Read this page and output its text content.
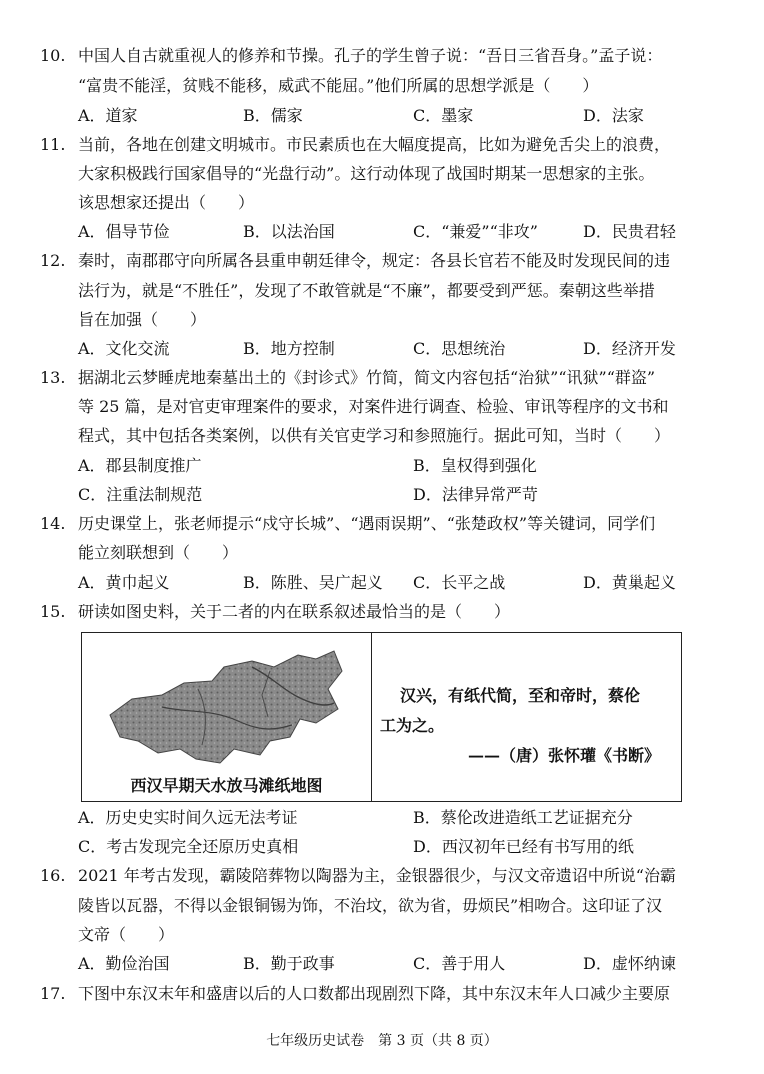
10. 中国人自古就重视人的修养和节操。孔子的学生曾子说：“吾日三省吾身。”孟子说：
“富贵不能淫，贫贱不能移，威武不能屈。”他们所属的思想学派是（　　）
A．道家	B．儒家	C．墨家	D．法家
11. 当前，各地在创建文明城市。市民素质也在大幅度提高，比如为避免舌尖上的浪费，
大家积极践行国家倡导的“光盘行动”。这行动体现了战国时期某一思想家的主张。
该思想家还提出（　　）
A．倡导节俭	B．以法治国	C．“兼爱”“非攻”	D．民贵君轻
12. 秦时，南郡郡守向所属各县重申朝廷律令，规定：各县长官若不能及时发现民间的违
法行为，就是“不胜任”，发现了不敢管就是“不廉”，都要受到严惩。秦朝这些举措
旨在加强（　　）
A．文化交流	B．地方控制	C．思想统治	D．经济开发
13. 据湖北云梦睡虎地秦墓出土的《封诊式》竹简，简文内容包括“治狱”“讯狱”“群盗”
等 25 篇，是对官吏审理案件的要求，对案件进行调查、检验、审讯等程序的文书和
程式，其中包括各类案例，以供有关官吏学习和参照施行。据此可知，当时（　　）
A．郡县制度推广	B．皇权得到强化
C．注重法制规范	D．法律异常严苛
14. 历史课堂上，张老师提示“戍守长城”、“遇雨误期”、“张楚政权”等关键词，同学们
能立刻联想到（　　）
A．黄巾起义	B．陈胜、吴广起义 C．长平之战	D．黄巢起义
15. 研读如图史料，关于二者的内在联系叙述最恰当的是（　　）
西汉早期天水放马滩纸地图
汉兴，有纸代简，至和帝时，蔡伦
工为之。
——（唐）张怀瓘《书断》
A．历史史实时间久远无法考证	B．蔡伦改进造纸工艺证据充分
C．考古发现完全还原历史真相	D．西汉初年已经有书写用的纸
16. 2021 年考古发现，霸陵陪葬物以陶器为主，金银器很少，与汉文帝遗诏中所说“治霸
陵皆以瓦器，不得以金银铜锡为饰，不治坟，欲为省，毋烦民”相吻合。这印证了汉
文帝（　　）
A．勤俭治国	B．勤于政事	C．善于用人	D．虚怀纳谏
17. 下图中东汉末年和盛唐以后的人口数都出现剧烈下降，其中东汉末年人口减少主要原
七年级历史试卷　第 3 页（共 8 页）
